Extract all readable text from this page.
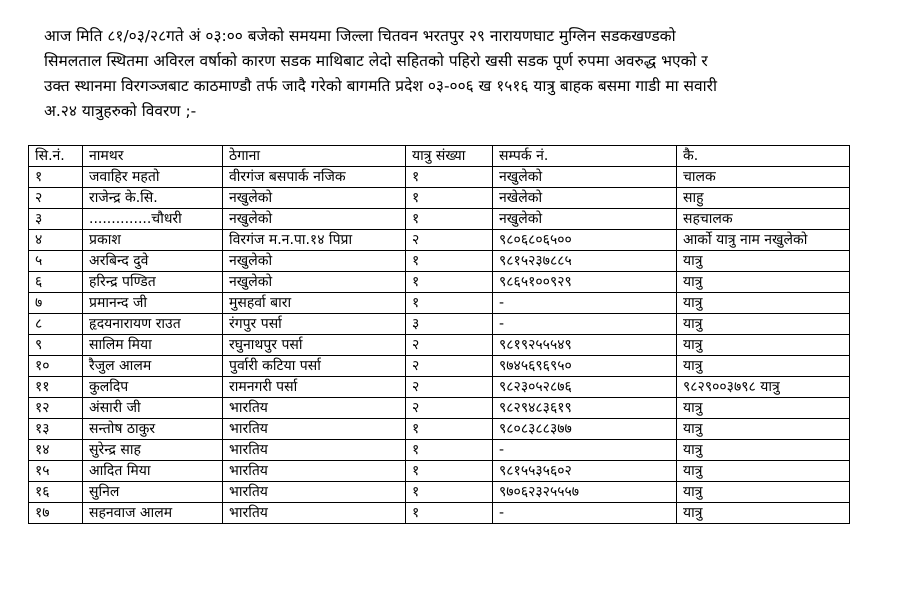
आज मिति ८१/०३/२८गते अं ०३:०० बजेको समयमा जिल्ला चितवन भरतपुर २९ नारायणघाट मुग्लिन सडकखण्डको
सिमलताल स्थितमा अविरल वर्षाको कारण सडक माथिबाट लेदो सहितको पहिरो खसी सडक पूर्ण रुपमा अवरुद्ध भएको र
उक्त स्थानमा विरगञ्जबाट काठमाण्डौ तर्फ जादै गरेको बागमति प्रदेश ०३-००६ ख १५१६ यात्रु बाहक बसमा गाडी मा सवारी
अ.२४ यात्रुहरुको विवरण ;-
सि.नं.	नामथर	ठेगाना	यात्रु संख्या	सम्पर्क नं.	कै.
१	जवाहिर महतो	वीरगंज बसपार्क नजिक	१	नखुलेको	चालक
२	राजेन्द्र के.सि.	नखुलेको	१	नखेलेको	साहु
३	..............चौधरी	नखुलेको	१	नखुलेको	सहचालक
४	प्रकाश	विरगंज म.न.पा.१४ पिप्रा	२	९८०६८०६५००	आर्को यात्रु नाम नखुलेको
५	अरबिन्द दुवे	नखुलेको	१	९८१५२३७८८५	यात्रु
६	हरिन्द्र पण्डित	नखुलेको	१	९८६५१००९२९	यात्रु
७	प्रमानन्द जी	मुसहर्वा बारा	१	-	यात्रु
८	हृदयनारायण राउत	रंगपुर पर्सा	३	-	यात्रु
९	सालिम मिया	रघुनाथपुर पर्सा	२	९८१९२५५५४९	यात्रु
१०	रैजुल आलम	पुर्वारी कटिया पर्सा	२	९७४५६९६९५०	यात्रु
११	कुलदिप	रामनगरी पर्सा	२	९८२३०५२८७६	९८२९००३७९८ यात्रु
१२	अंसारी जी	भारतिय	२	९८२९४८३६१९	यात्रु
१३	सन्तोष ठाकुर	भारतिय	१	९८०८३८८३७७	यात्रु
१४	सुरेन्द्र साह	भारतिय	१	-	यात्रु
१५	आदित मिया	भारतिय	१	९८१५५३५६०२	यात्रु
१६	सुनिल	भारतिय	१	९७०६२३२५५५७	यात्रु
१७	सहनवाज आलम	भारतिय	१	-	यात्रु
